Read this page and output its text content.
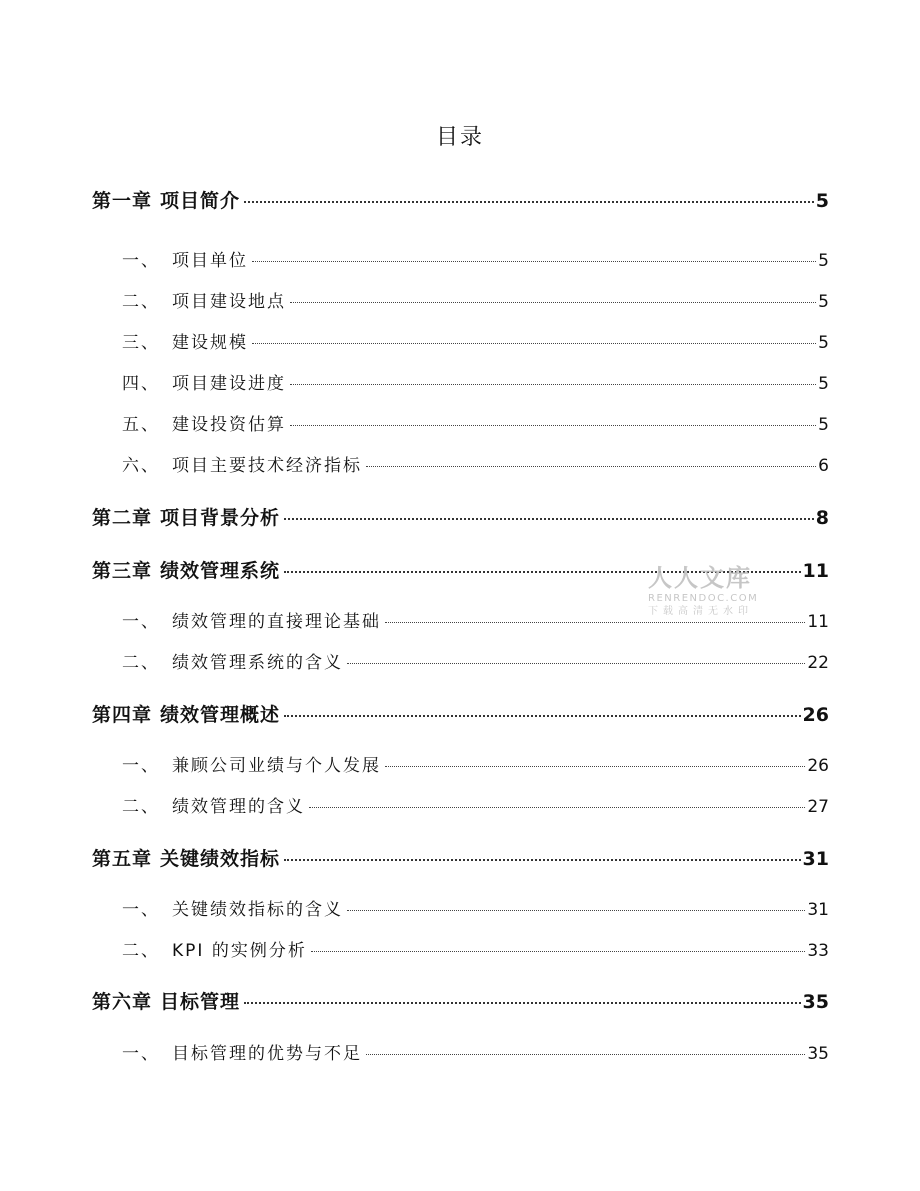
目录
第一章 项目简介	5
一、 项目单位	5
二、 项目建设地点	5
三、 建设规模	5
四、 项目建设进度	5
五、 建设投资估算	5
六、 项目主要技术经济指标	6
第二章 项目背景分析	8
第三章 绩效管理系统	11
一、 绩效管理的直接理论基础	11
二、 绩效管理系统的含义	22
第四章 绩效管理概述	26
一、 兼顾公司业绩与个人发展	26
二、 绩效管理的含义	27
第五章 关键绩效指标	31
一、 关键绩效指标的含义	31
二、 KPI 的实例分析	33
第六章 目标管理	35
一、 目标管理的优势与不足	35
人人文库
RENRENDOC.COM
下载高清无水印
